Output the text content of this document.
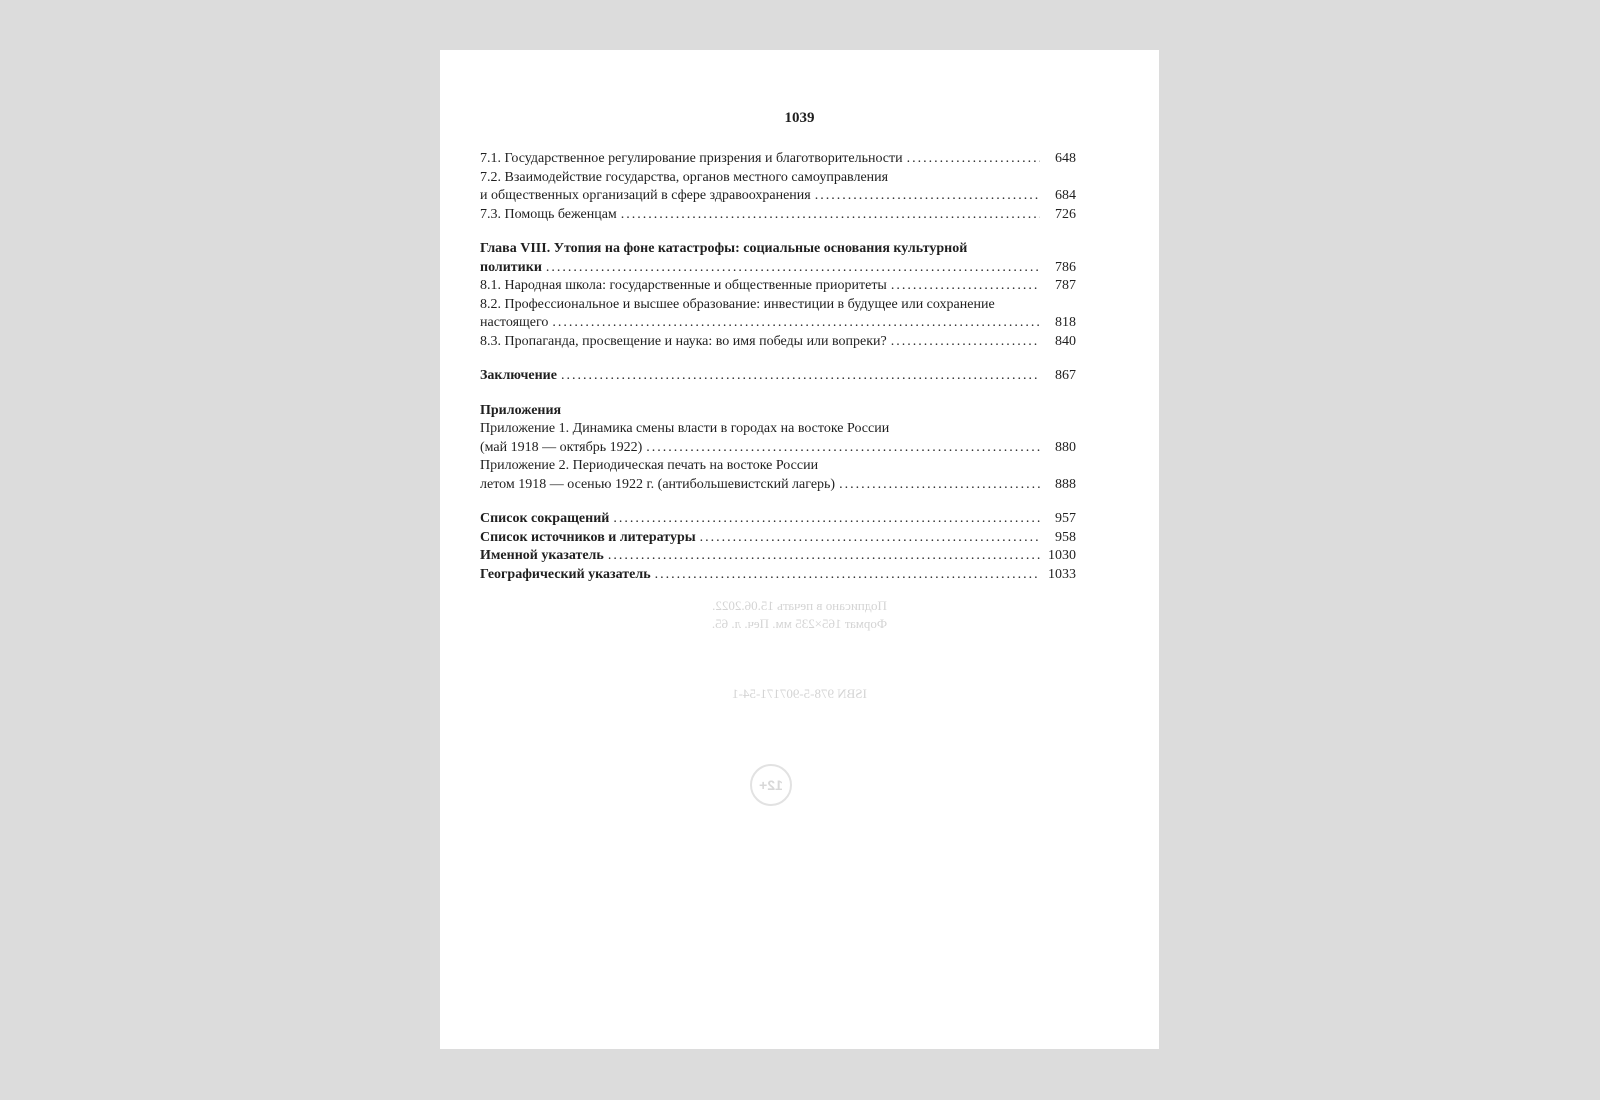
Подписано в печать 15.06.2022.
Формат 165×235 мм. Печ. л. 65.
ISBN 978-5-907171-54-1
12+
1039
7.1. Государственное регулирование призрения и благотворительности .....	648
7.2. Взаимодействие государства, органов местного самоуправления
и общественных организаций в сфере здравоохранения .....	684
7.3. Помощь беженцам .....	726
Глава VIII. Утопия на фоне катастрофы: социальные основания культурной
политики .....	786
8.1. Народная школа: государственные и общественные приоритеты .....	787
8.2. Профессиональное и высшее образование: инвестиции в будущее или сохранение
настоящего .....	818
8.3. Пропаганда, просвещение и наука: во имя победы или вопреки? .....	840
Заключение .....	867
Приложения
Приложение 1. Динамика смены власти в городах на востоке России
(май 1918 — октябрь 1922) .....	880
Приложение 2. Периодическая печать на востоке России
летом 1918 — осенью 1922 г. (антибольшевистский лагерь) .....	888
Список сокращений .....	957
Список источников и литературы .....	958
Именной указатель .....	1030
Географический указатель .....	1033
